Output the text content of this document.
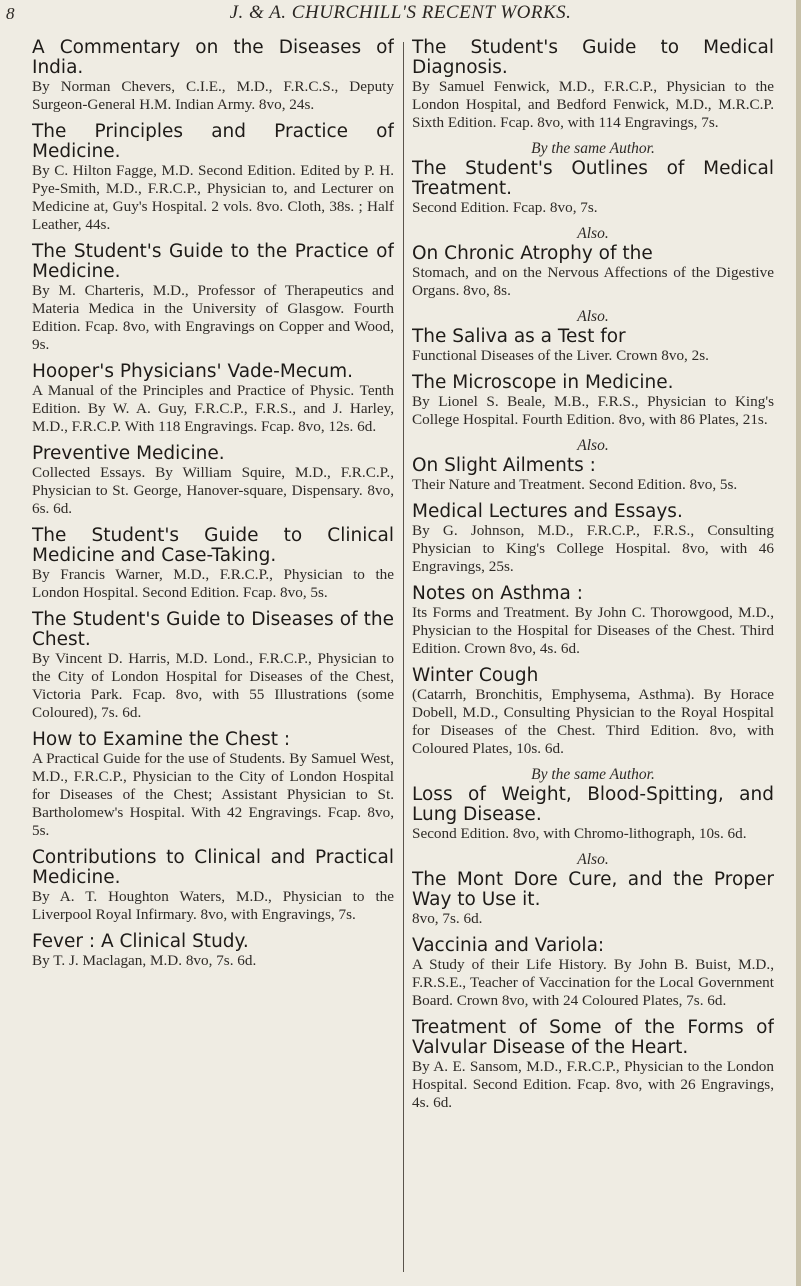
8	J. & A. CHURCHILL'S RECENT WORKS.
A Commentary on the Diseases of India.
By Norman Chevers, C.I.E., M.D., F.R.C.S., Deputy Surgeon-General H.M. Indian Army. 8vo, 24s.
The Principles and Practice of Medicine.
By C. Hilton Fagge, M.D. Second Edition. Edited by P. H. Pye-Smith, M.D., F.R.C.P., Physician to, and Lecturer on Medicine at, Guy's Hospital. 2 vols. 8vo. Cloth, 38s. ; Half Leather, 44s.
The Student's Guide to the Practice of Medicine.
By M. Charteris, M.D., Professor of Therapeutics and Materia Medica in the University of Glasgow. Fourth Edition. Fcap. 8vo, with Engravings on Copper and Wood, 9s.
Hooper's Physicians' Vade-Mecum.
A Manual of the Principles and Practice of Physic. Tenth Edition. By W. A. Guy, F.R.C.P., F.R.S., and J. Harley, M.D., F.R.C.P. With 118 Engravings. Fcap. 8vo, 12s. 6d.
Preventive Medicine.
Collected Essays. By William Squire, M.D., F.R.C.P., Physician to St. George, Hanover-square, Dispensary. 8vo, 6s. 6d.
The Student's Guide to Clinical Medicine and Case-Taking.
By Francis Warner, M.D., F.R.C.P., Physician to the London Hospital. Second Edition. Fcap. 8vo, 5s.
The Student's Guide to Diseases of the Chest.
By Vincent D. Harris, M.D. Lond., F.R.C.P., Physician to the City of London Hospital for Diseases of the Chest, Victoria Park. Fcap. 8vo, with 55 Illustrations (some Coloured), 7s. 6d.
How to Examine the Chest :
A Practical Guide for the use of Students. By Samuel West, M.D., F.R.C.P., Physician to the City of London Hospital for Diseases of the Chest; Assistant Physician to St. Bartholomew's Hospital. With 42 Engravings. Fcap. 8vo, 5s.
Contributions to Clinical and Practical Medicine.
By A. T. Houghton Waters, M.D., Physician to the Liverpool Royal Infirmary. 8vo, with Engravings, 7s.
Fever : A Clinical Study.
By T. J. Maclagan, M.D. 8vo, 7s. 6d.
The Student's Guide to Medical Diagnosis.
By Samuel Fenwick, M.D., F.R.C.P., Physician to the London Hospital, and Bedford Fenwick, M.D., M.R.C.P. Sixth Edition. Fcap. 8vo, with 114 Engravings, 7s.
By the same Author.
The Student's Outlines of Medical Treatment.
Second Edition. Fcap. 8vo, 7s.
Also.
On Chronic Atrophy of the
Stomach, and on the Nervous Affections of the Digestive Organs. 8vo, 8s.
Also.
The Saliva as a Test for
Functional Diseases of the Liver. Crown 8vo, 2s.
The Microscope in Medicine.
By Lionel S. Beale, M.B., F.R.S., Physician to King's College Hospital. Fourth Edition. 8vo, with 86 Plates, 21s.
Also.
On Slight Ailments :
Their Nature and Treatment. Second Edition. 8vo, 5s.
Medical Lectures and Essays.
By G. Johnson, M.D., F.R.C.P., F.R.S., Consulting Physician to King's College Hospital. 8vo, with 46 Engravings, 25s.
Notes on Asthma :
Its Forms and Treatment. By John C. Thorowgood, M.D., Physician to the Hospital for Diseases of the Chest. Third Edition. Crown 8vo, 4s. 6d.
Winter Cough
(Catarrh, Bronchitis, Emphysema, Asthma). By Horace Dobell, M.D., Consulting Physician to the Royal Hospital for Diseases of the Chest. Third Edition. 8vo, with Coloured Plates, 10s. 6d.
By the same Author.
Loss of Weight, Blood-Spitting, and Lung Disease.
Second Edition. 8vo, with Chromo-lithograph, 10s. 6d.
Also.
The Mont Dore Cure, and the Proper Way to Use it.
8vo, 7s. 6d.
Vaccinia and Variola:
A Study of their Life History. By John B. Buist, M.D., F.R.S.E., Teacher of Vaccination for the Local Government Board. Crown 8vo, with 24 Coloured Plates, 7s. 6d.
Treatment of Some of the Forms of Valvular Disease of the Heart.
By A. E. Sansom, M.D., F.R.C.P., Physician to the London Hospital. Second Edition. Fcap. 8vo, with 26 Engravings, 4s. 6d.
